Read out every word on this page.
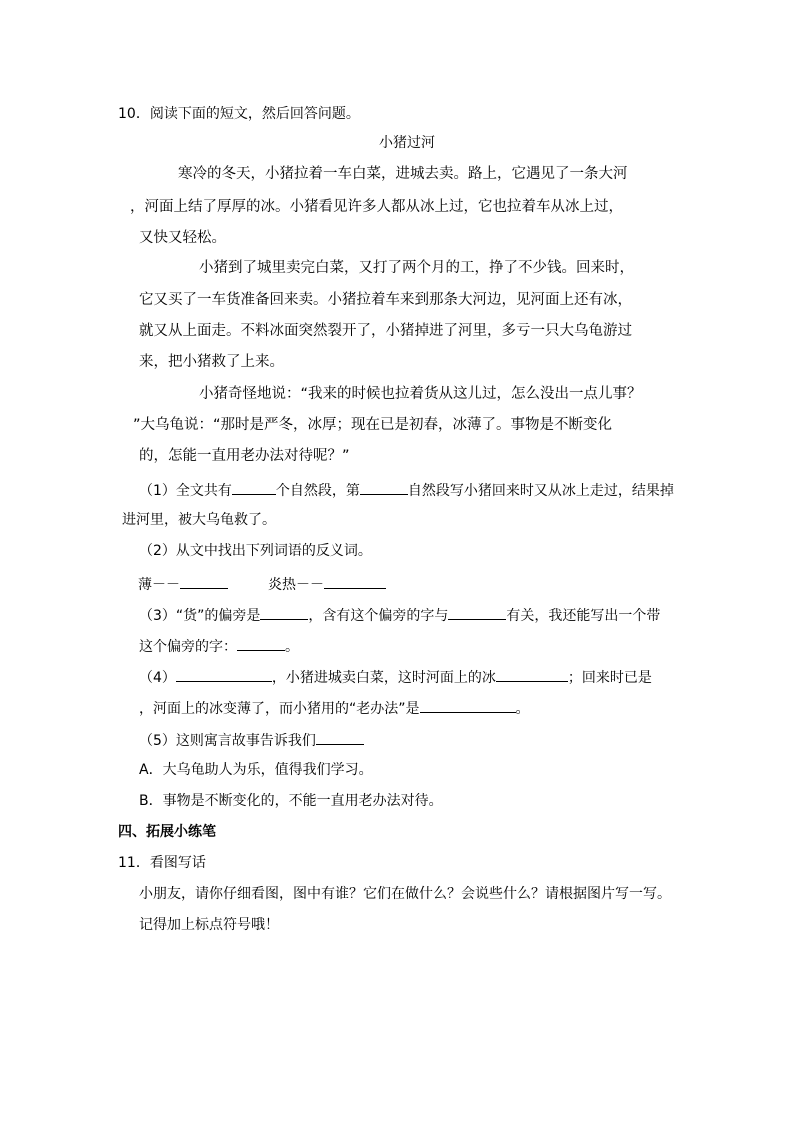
10．阅读下面的短文，然后回答问题。
小猪过河
寒冷的冬天，小猪拉着一车白菜，进城去卖。路上，它遇见了一条大河
，河面上结了厚厚的冰。小猪看见许多人都从冰上过，它也拉着车从冰上过，
又快又轻松。
小猪到了城里卖完白菜，又打了两个月的工，挣了不少钱。回来时，
它又买了一车货准备回来卖。小猪拉着车来到那条大河边，见河面上还有冰，
就又从上面走。不料冰面突然裂开了，小猪掉进了河里，多亏一只大乌龟游过
来，把小猪救了上来。
小猪奇怪地说：“我来的时候也拉着货从这儿过，怎么没出一点儿事？
”大乌龟说：“那时是严冬，冰厚；现在已是初春，冰薄了。事物是不断变化
的，怎能一直用老办法对待呢？”
（1）全文共有	个自然段，第	自然段写小猪回来时又从冰上走过，结果掉
进河里，被大乌龟救了。
（2）从文中找出下列词语的反义词。
薄－－	炎热－－
（3）“货”的偏旁是	，含有这个偏旁的字与	有关，我还能写出一个带
这个偏旁的字：	。
（4）	，小猪进城卖白菜，这时河面上的冰	；回来时已是
，河面上的冰变薄了，而小猪用的“老办法”是	。
（5）这则寓言故事告诉我们
A．大乌龟助人为乐，值得我们学习。
B．事物是不断变化的，不能一直用老办法对待。
四、拓展小练笔
11．看图写话
小朋友，请你仔细看图，图中有谁？它们在做什么？会说些什么？请根据图片写一写。
记得加上标点符号哦！
